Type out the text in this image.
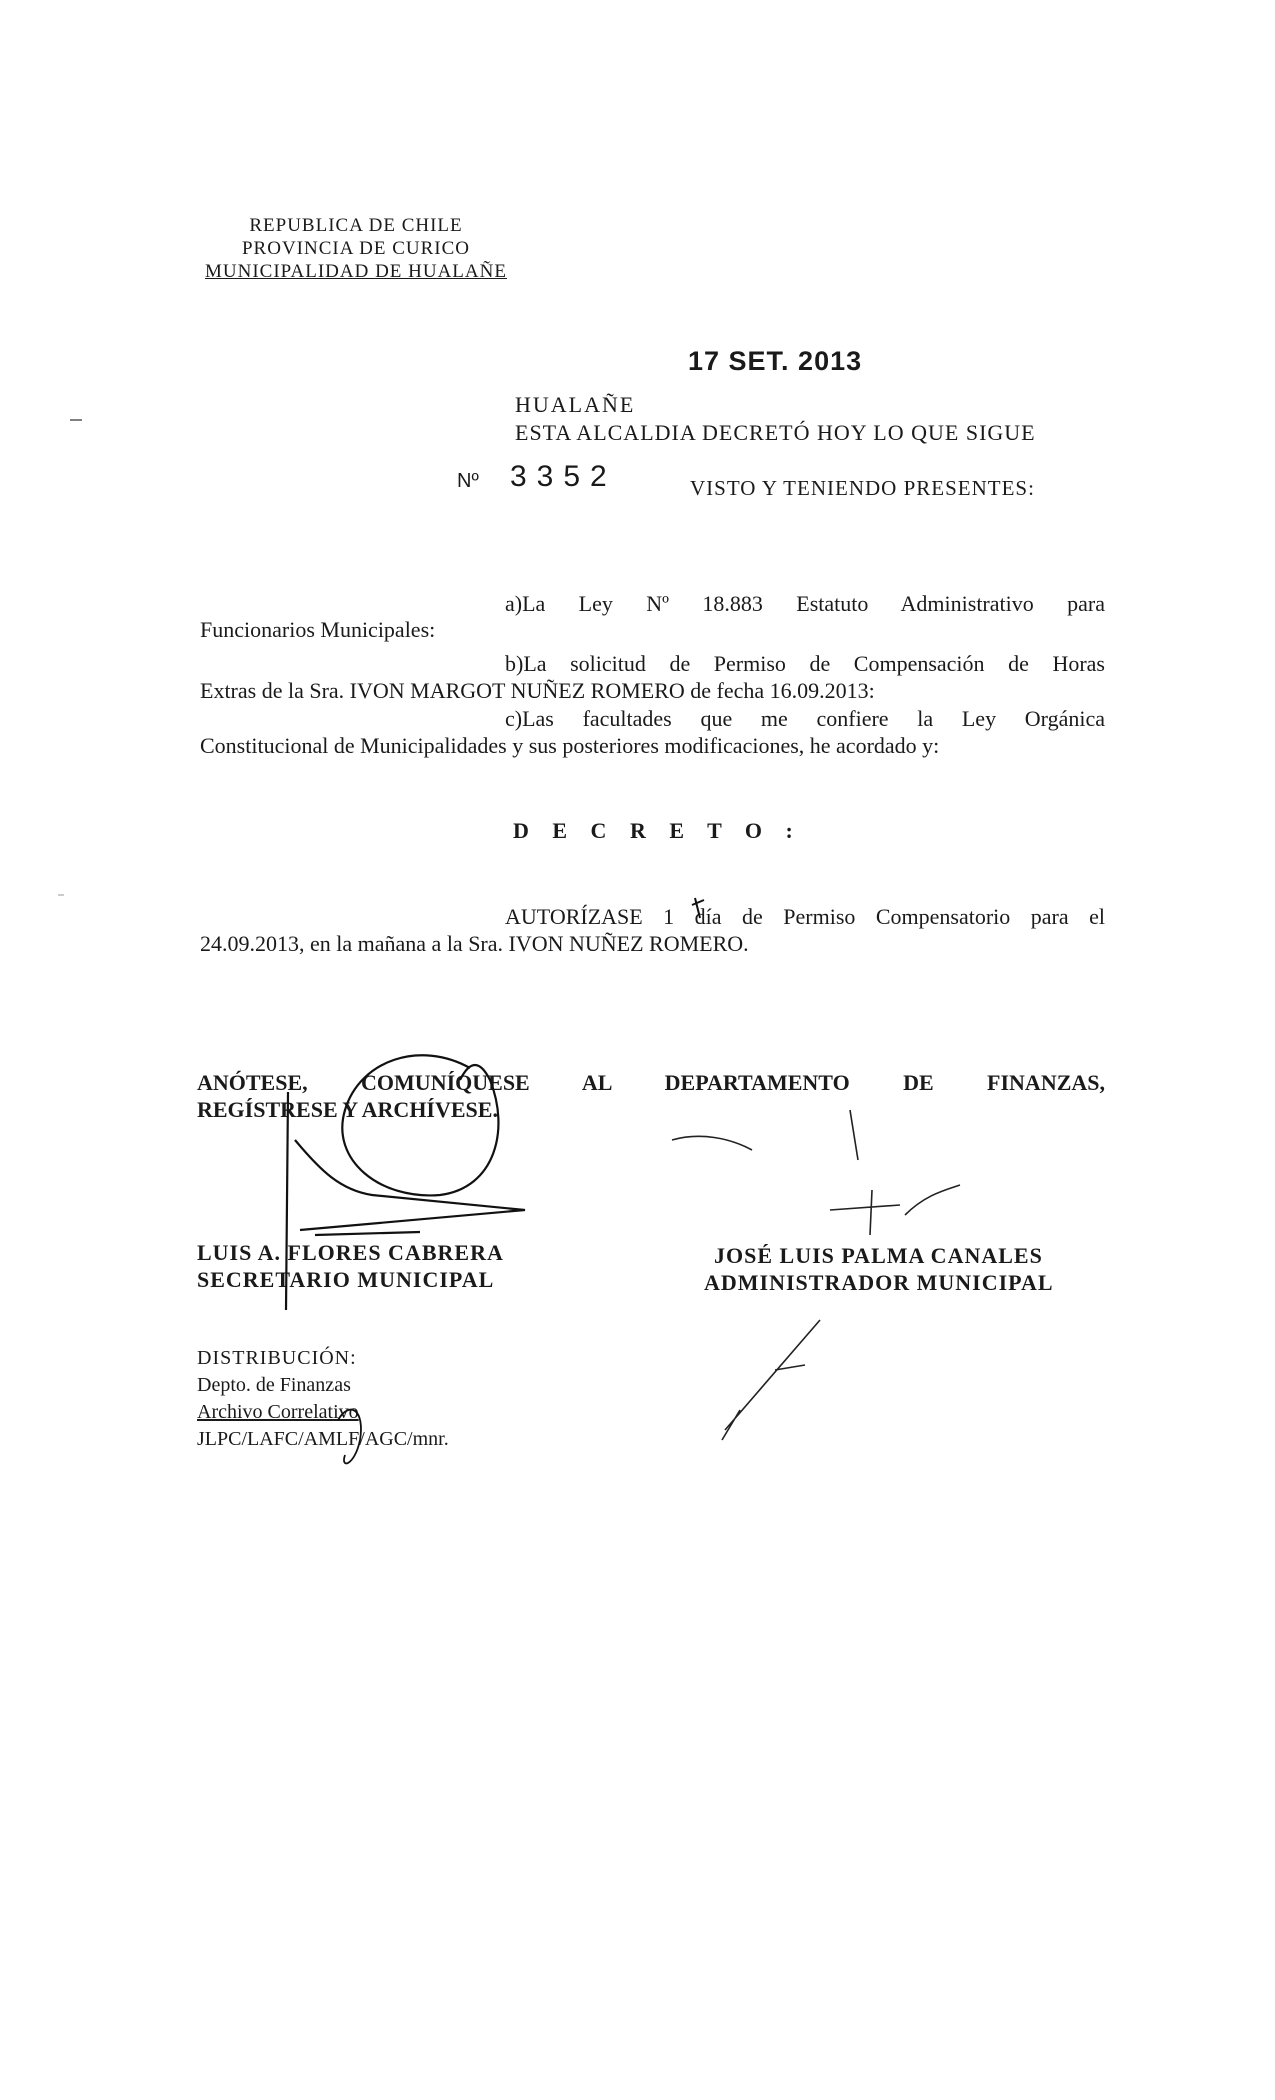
REPUBLICA DE CHILE
PROVINCIA DE CURICO
MUNICIPALIDAD DE HUALAÑE
17 SET. 2013
HUALAÑE
ESTA ALCALDIA DECRETÓ HOY LO QUE SIGUE
Nº 3352	VISTO Y TENIENDO PRESENTES:
a)La Ley Nº 18.883 Estatuto Administrativo para
Funcionarios Municipales:
b)La solicitud de Permiso de Compensación de Horas
Extras de la Sra. IVON MARGOT NUÑEZ ROMERO de fecha 16.09.2013:
c)Las facultades que me confiere la Ley Orgánica
Constitucional de Municipalidades y sus posteriores modificaciones, he acordado y:
D E C R E T O :
AUTORÍZASE 1 día de Permiso Compensatorio para el
24.09.2013, en la mañana a la Sra. IVON NUÑEZ ROMERO.
ANÓTESE, COMUNÍQUESE AL DEPARTAMENTO DE FINANZAS,
REGÍSTRESE Y ARCHÍVESE.
LUIS A. FLORES CABRERA
SECRETARIO MUNICIPAL
JOSÉ LUIS PALMA CANALES
ADMINISTRADOR MUNICIPAL
DISTRIBUCIÓN:
Depto. de Finanzas
Archivo Correlativo
JLPC/LAFC/AMLF/AGC/mnr.
